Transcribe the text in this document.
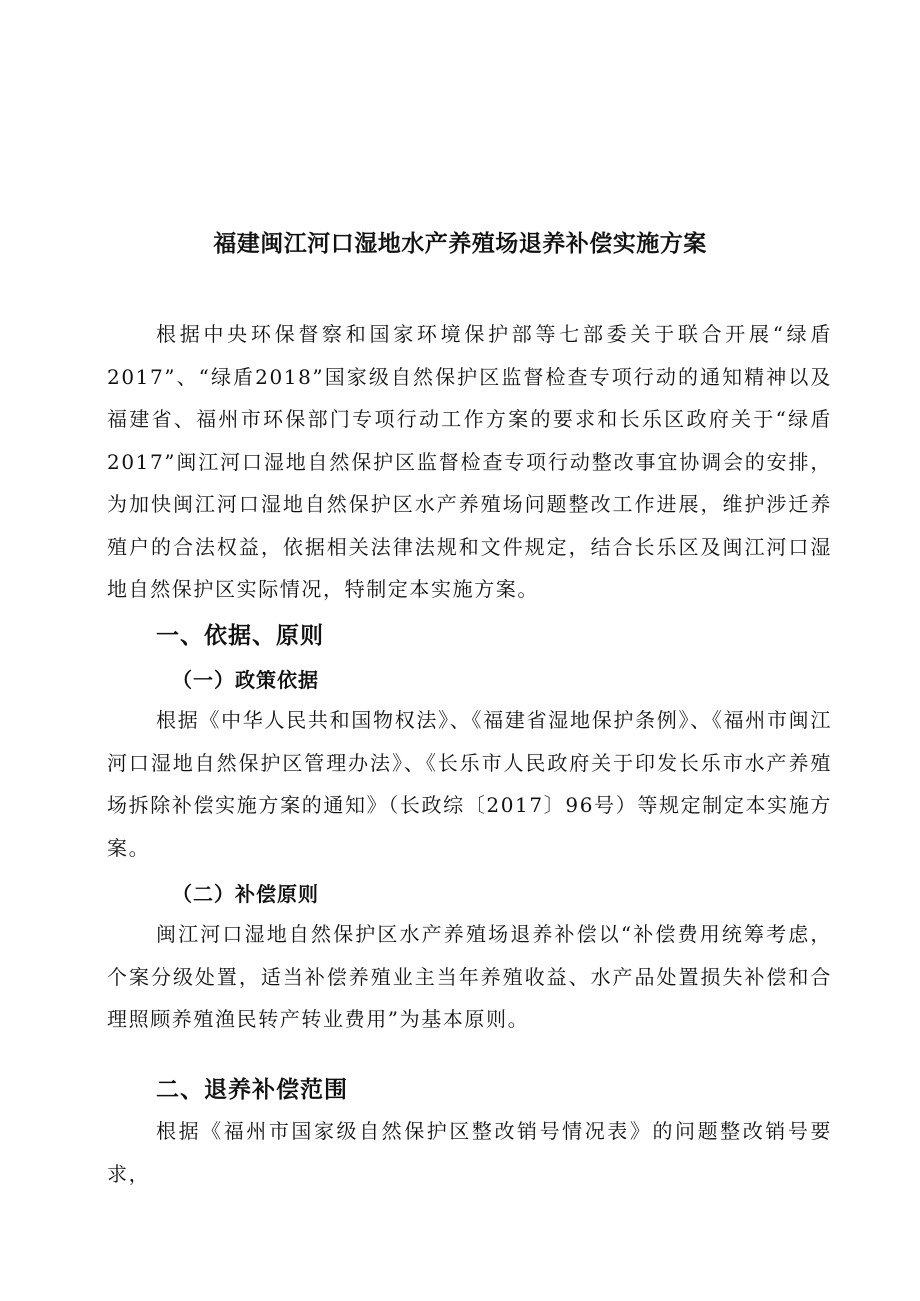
福建闽江河口湿地水产养殖场退养补偿实施方案
根据中央环保督察和国家环境保护部等七部委关于联合开展“绿盾2017”、“绿盾2018”国家级自然保护区监督检查专项行动的通知精神以及福建省、福州市环保部门专项行动工作方案的要求和长乐区政府关于“绿盾2017”闽江河口湿地自然保护区监督检查专项行动整改事宜协调会的安排，为加快闽江河口湿地自然保护区水产养殖场问题整改工作进展，维护涉迁养殖户的合法权益，依据相关法律法规和文件规定，结合长乐区及闽江河口湿地自然保护区实际情况，特制定本实施方案。
一、依据、原则
（一）政策依据
根据《中华人民共和国物权法》、《福建省湿地保护条例》、《福州市闽江河口湿地自然保护区管理办法》、《长乐市人民政府关于印发长乐市水产养殖场拆除补偿实施方案的通知》（长政综〔2017〕96号）等规定制定本实施方案。
（二）补偿原则
闽江河口湿地自然保护区水产养殖场退养补偿以“补偿费用统筹考虑，个案分级处置，适当补偿养殖业主当年养殖收益、水产品处置损失补偿和合理照顾养殖渔民转产转业费用”为基本原则。
二、退养补偿范围
根据《福州市国家级自然保护区整改销号情况表》的问题整改销号要求，
